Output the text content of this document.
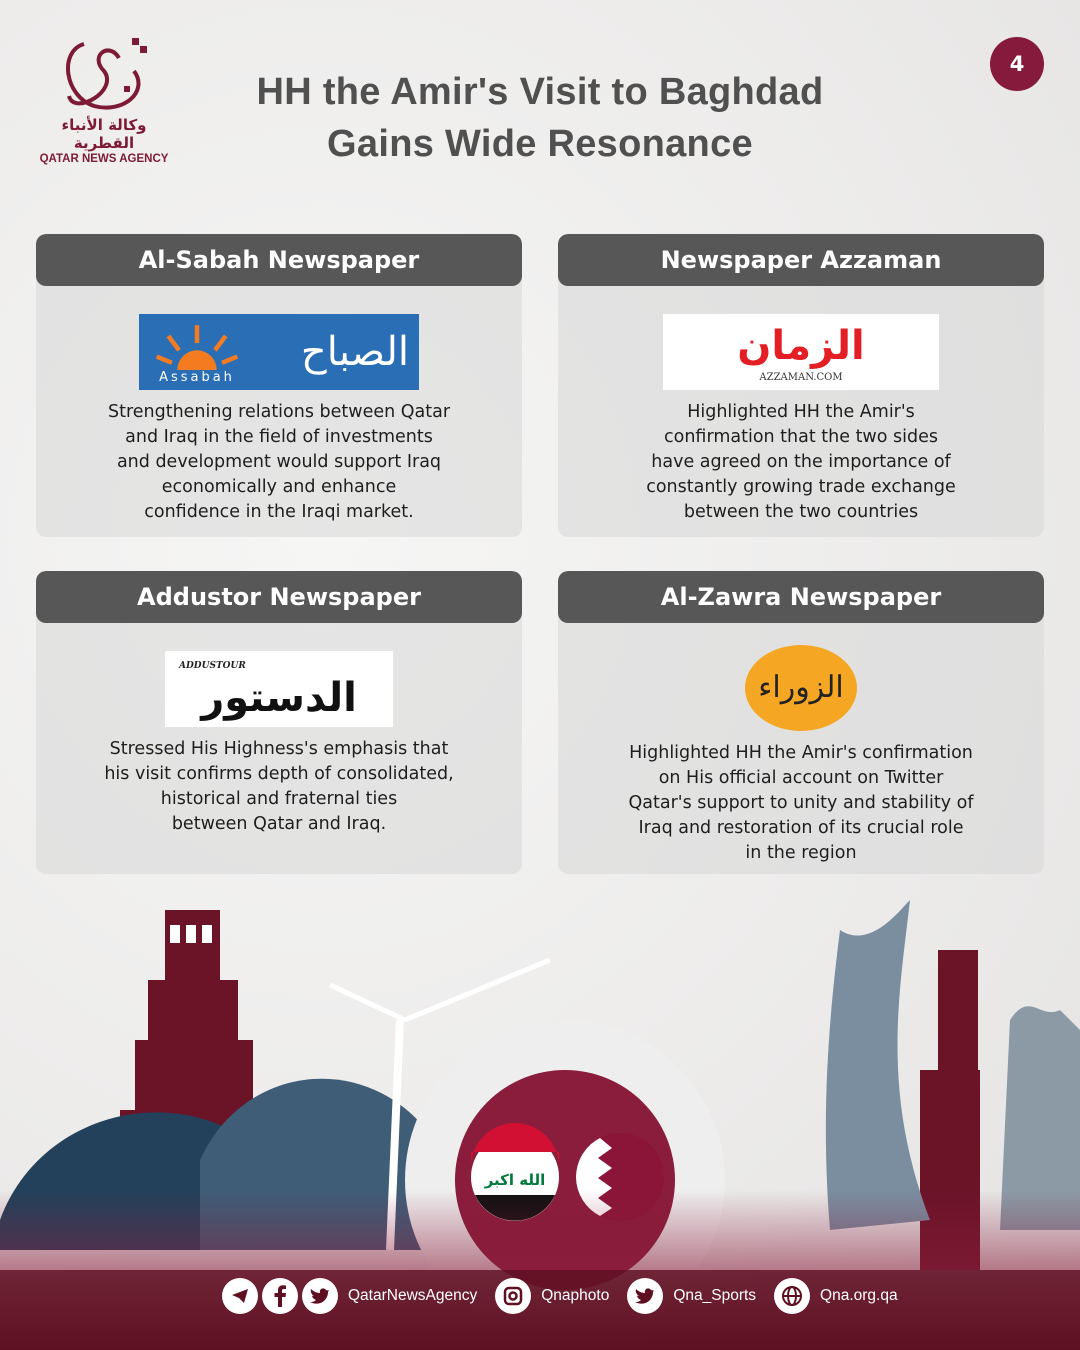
وكالة الأنباء القطرية
QATAR NEWS AGENCY
HH the Amir's Visit to Baghdad
Gains Wide Resonance
4
Al-Sabah Newspaper
Assabah
الصباح
Strengthening relations between Qatar
and Iraq in the field of investments
and development would support Iraq
economically and enhance
confidence in the Iraqi market.
Newspaper Azzaman
الزمان
AZZAMAN.COM
Highlighted HH the Amir's
confirmation that the two sides
have agreed on the importance of
constantly growing trade exchange
between the two countries
Addustor Newspaper
ADDUSTOUR
الدستور
Stressed His Highness's emphasis that
his visit confirms depth of consolidated,
historical and fraternal ties
between Qatar and Iraq.
Al-Zawra Newspaper
الزوراء
Highlighted HH the Amir's confirmation
on His official account on Twitter
Qatar's support to unity and stability of
Iraq and restoration of its crucial role
in the region
الله اكبر
QatarNewsAgency	Qnaphoto	Qna_Sports	Qna.org.qa
